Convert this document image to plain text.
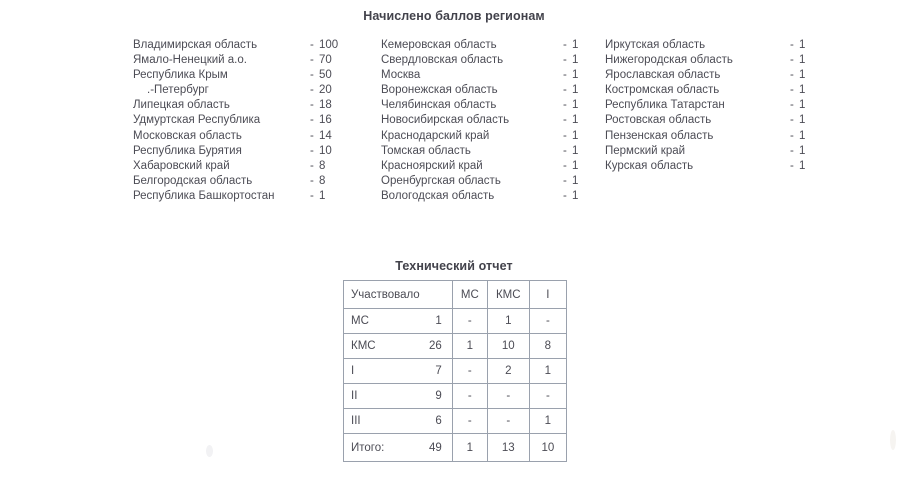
Начислено баллов регионам
Владимирская область	- 100
Ямало-Ненецкий а.о.	- 70
Республика Крым	- 50
.-Петербург	- 20
Липецкая область	- 18
Удмуртская Республика	- 16
Московская область	- 14
Республика Бурятия	- 10
Хабаровский край	- 8
Белгородская область	- 8
Республика Башкортостан	- 1
Кемеровская область	- 1
Свердловская область	- 1
Москва	- 1
Воронежская область	- 1
Челябинская область	- 1
Новосибирская область	- 1
Краснодарский край	- 1
Томская область	- 1
Красноярский край	- 1
Оренбургская область	- 1
Вологодская область	- 1
Иркутская область	- 1
Нижегородская область	- 1
Ярославская область	- 1
Костромская область	- 1
Республика Татарстан	- 1
Ростовская область	- 1
Пензенская область	- 1
Пермский край	- 1
Курская область	- 1
Технический отчет
Участвовало	МС	КМС	I

МС 1	-	1	-

КМС 26	1	10	8

I 7	-	2	1

II 9	-	-	-

III 6	-	-	1

Итого: 49	1	13	10
